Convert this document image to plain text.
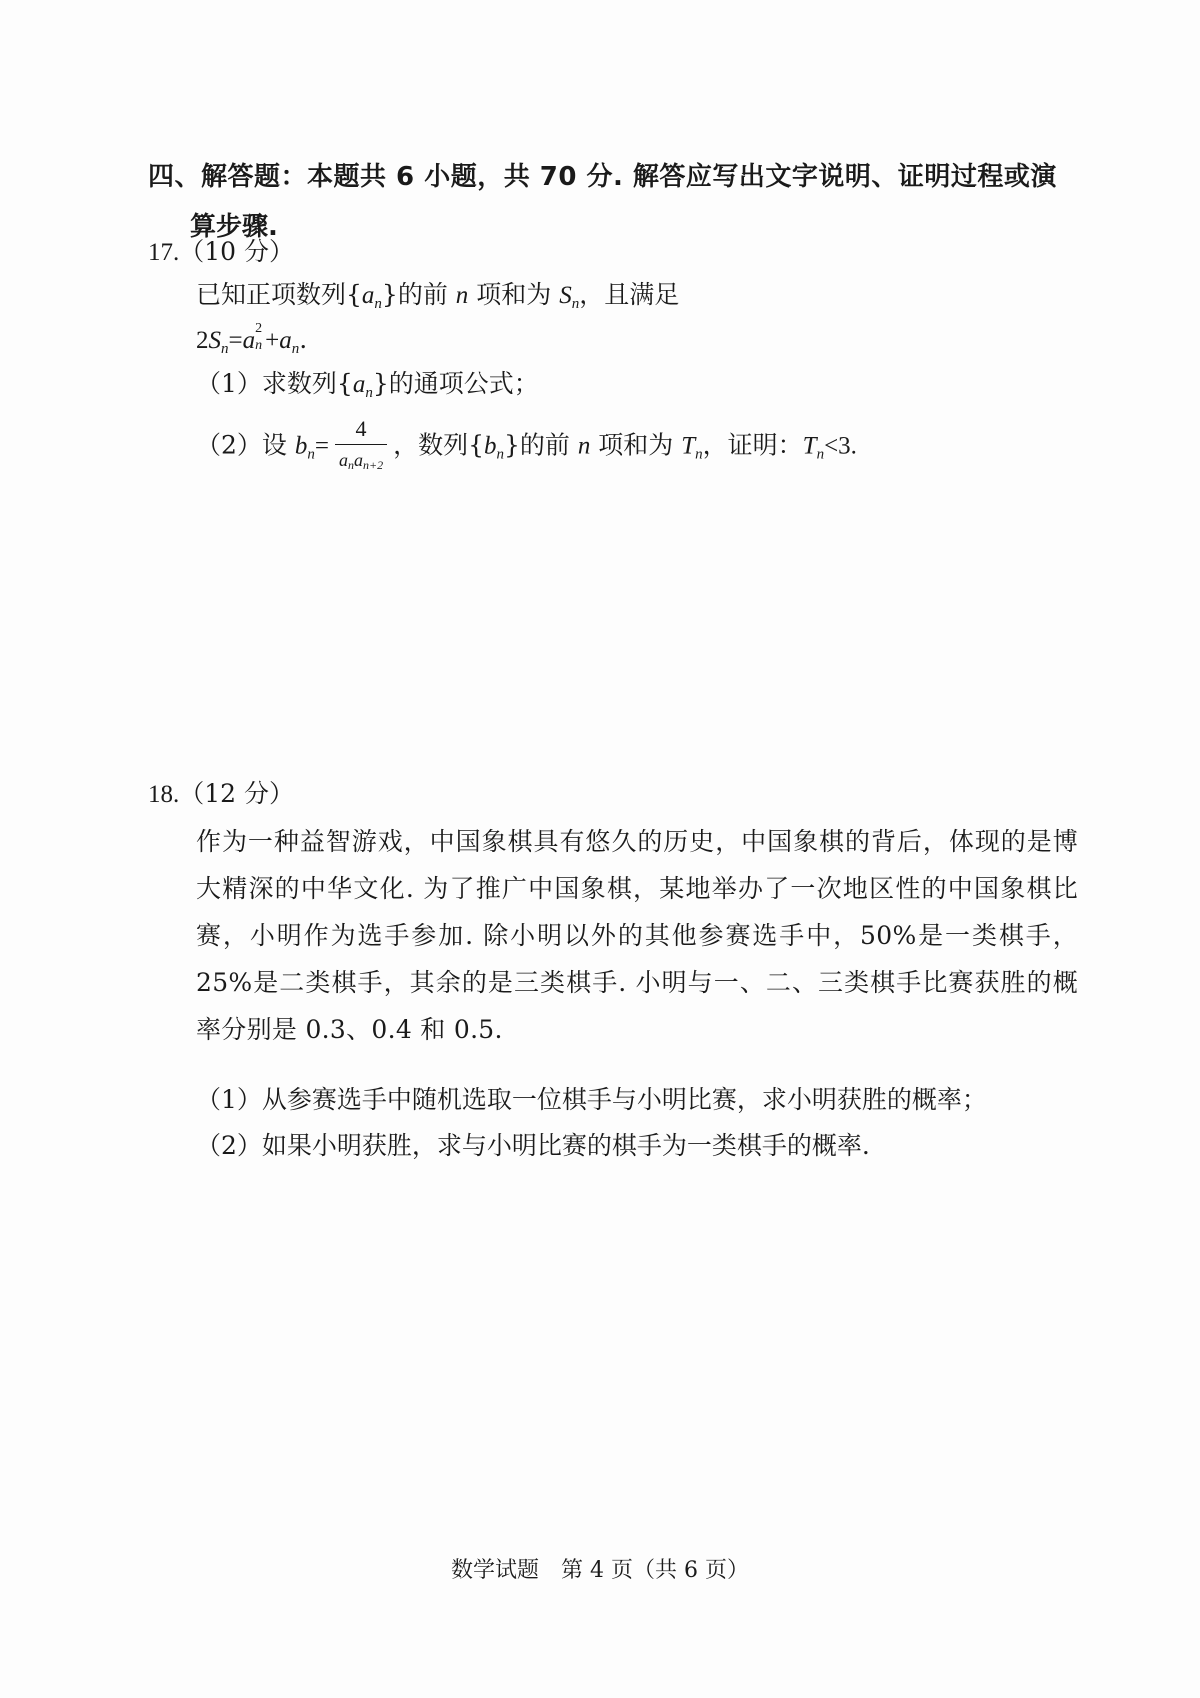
四、解答题：本题共 6 小题，共 70 分. 解答应写出文字说明、证明过程或演
算步骤.
17.（10 分）
已知正项数列$\{a_n\}$的前 n 项和为 $S_n$，且满足
$2S_n=a$ 2
$n +a_n$.
（1）求数列$\{a_n\}$的通项公式；
（2）设 $b_n= \frac{4}{a_na_{n+2}}$ ，数列$\{b_n\}$的前 n 项和为 $T_n$，证明：$T_n<3$.
18.（12 分）
作为一种益智游戏，中国象棋具有悠久的历史，中国象棋的背后，体现的是博大精深的中华文化. 为了推广中国象棋，某地举办了一次地区性的中国象棋比赛，小明作为选手参加. 除小明以外的其他参赛选手中，50%是一类棋手，25%是二类棋手，其余的是三类棋手. 小明与一、二、三类棋手比赛获胜的概率分别是 0.3、0.4 和 0.5.
（1）从参赛选手中随机选取一位棋手与小明比赛，求小明获胜的概率；
（2）如果小明获胜，求与小明比赛的棋手为一类棋手的概率.
数学试题　第 4 页（共 6 页）
